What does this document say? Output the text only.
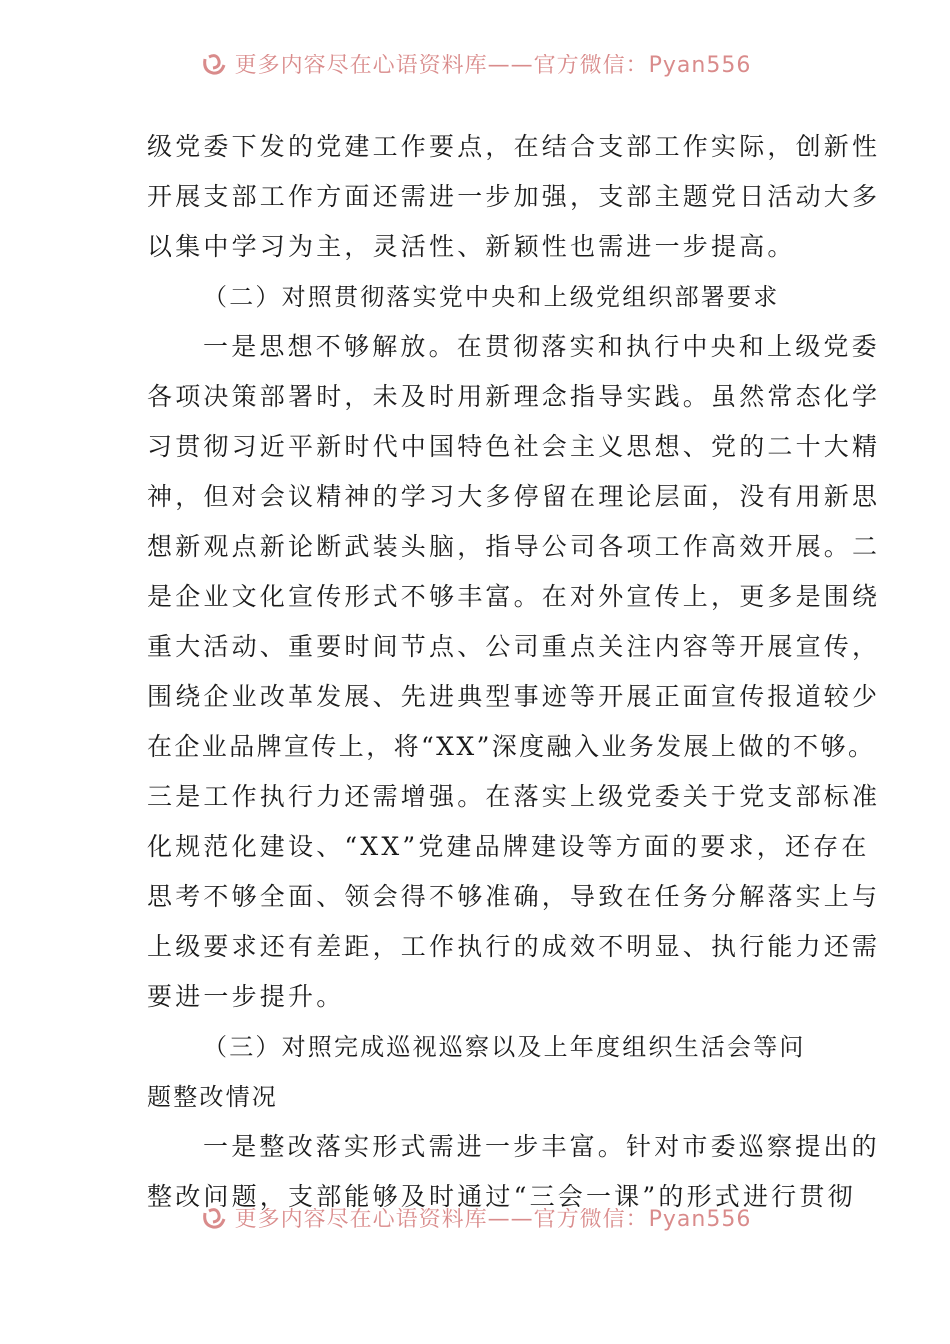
更多内容尽在心语资料库——官方微信：Pyan556
级党委下发的党建工作要点，在结合支部工作实际，创新性
开展支部工作方面还需进一步加强，支部主题党日活动大多
以集中学习为主，灵活性、新颖性也需进一步提高。
（二）对照贯彻落实党中央和上级党组织部署要求
一是思想不够解放。在贯彻落实和执行中央和上级党委
各项决策部署时，未及时用新理念指导实践。虽然常态化学
习贯彻习近平新时代中国特色社会主义思想、党的二十大精
神，但对会议精神的学习大多停留在理论层面，没有用新思
想新观点新论断武装头脑，指导公司各项工作高效开展。二
是企业文化宣传形式不够丰富。在对外宣传上，更多是围绕
重大活动、重要时间节点、公司重点关注内容等开展宣传，
围绕企业改革发展、先进典型事迹等开展正面宣传报道较少
在企业品牌宣传上，将“XX”深度融入业务发展上做的不够。
三是工作执行力还需增强。在落实上级党委关于党支部标准
化规范化建设、“XX”党建品牌建设等方面的要求，还存在
思考不够全面、领会得不够准确，导致在任务分解落实上与
上级要求还有差距，工作执行的成效不明显、执行能力还需
要进一步提升。
（三）对照完成巡视巡察以及上年度组织生活会等问
题整改情况
一是整改落实形式需进一步丰富。针对市委巡察提出的
整改问题，支部能够及时通过“三会一课”的形式进行贯彻
更多内容尽在心语资料库——官方微信：Pyan556
